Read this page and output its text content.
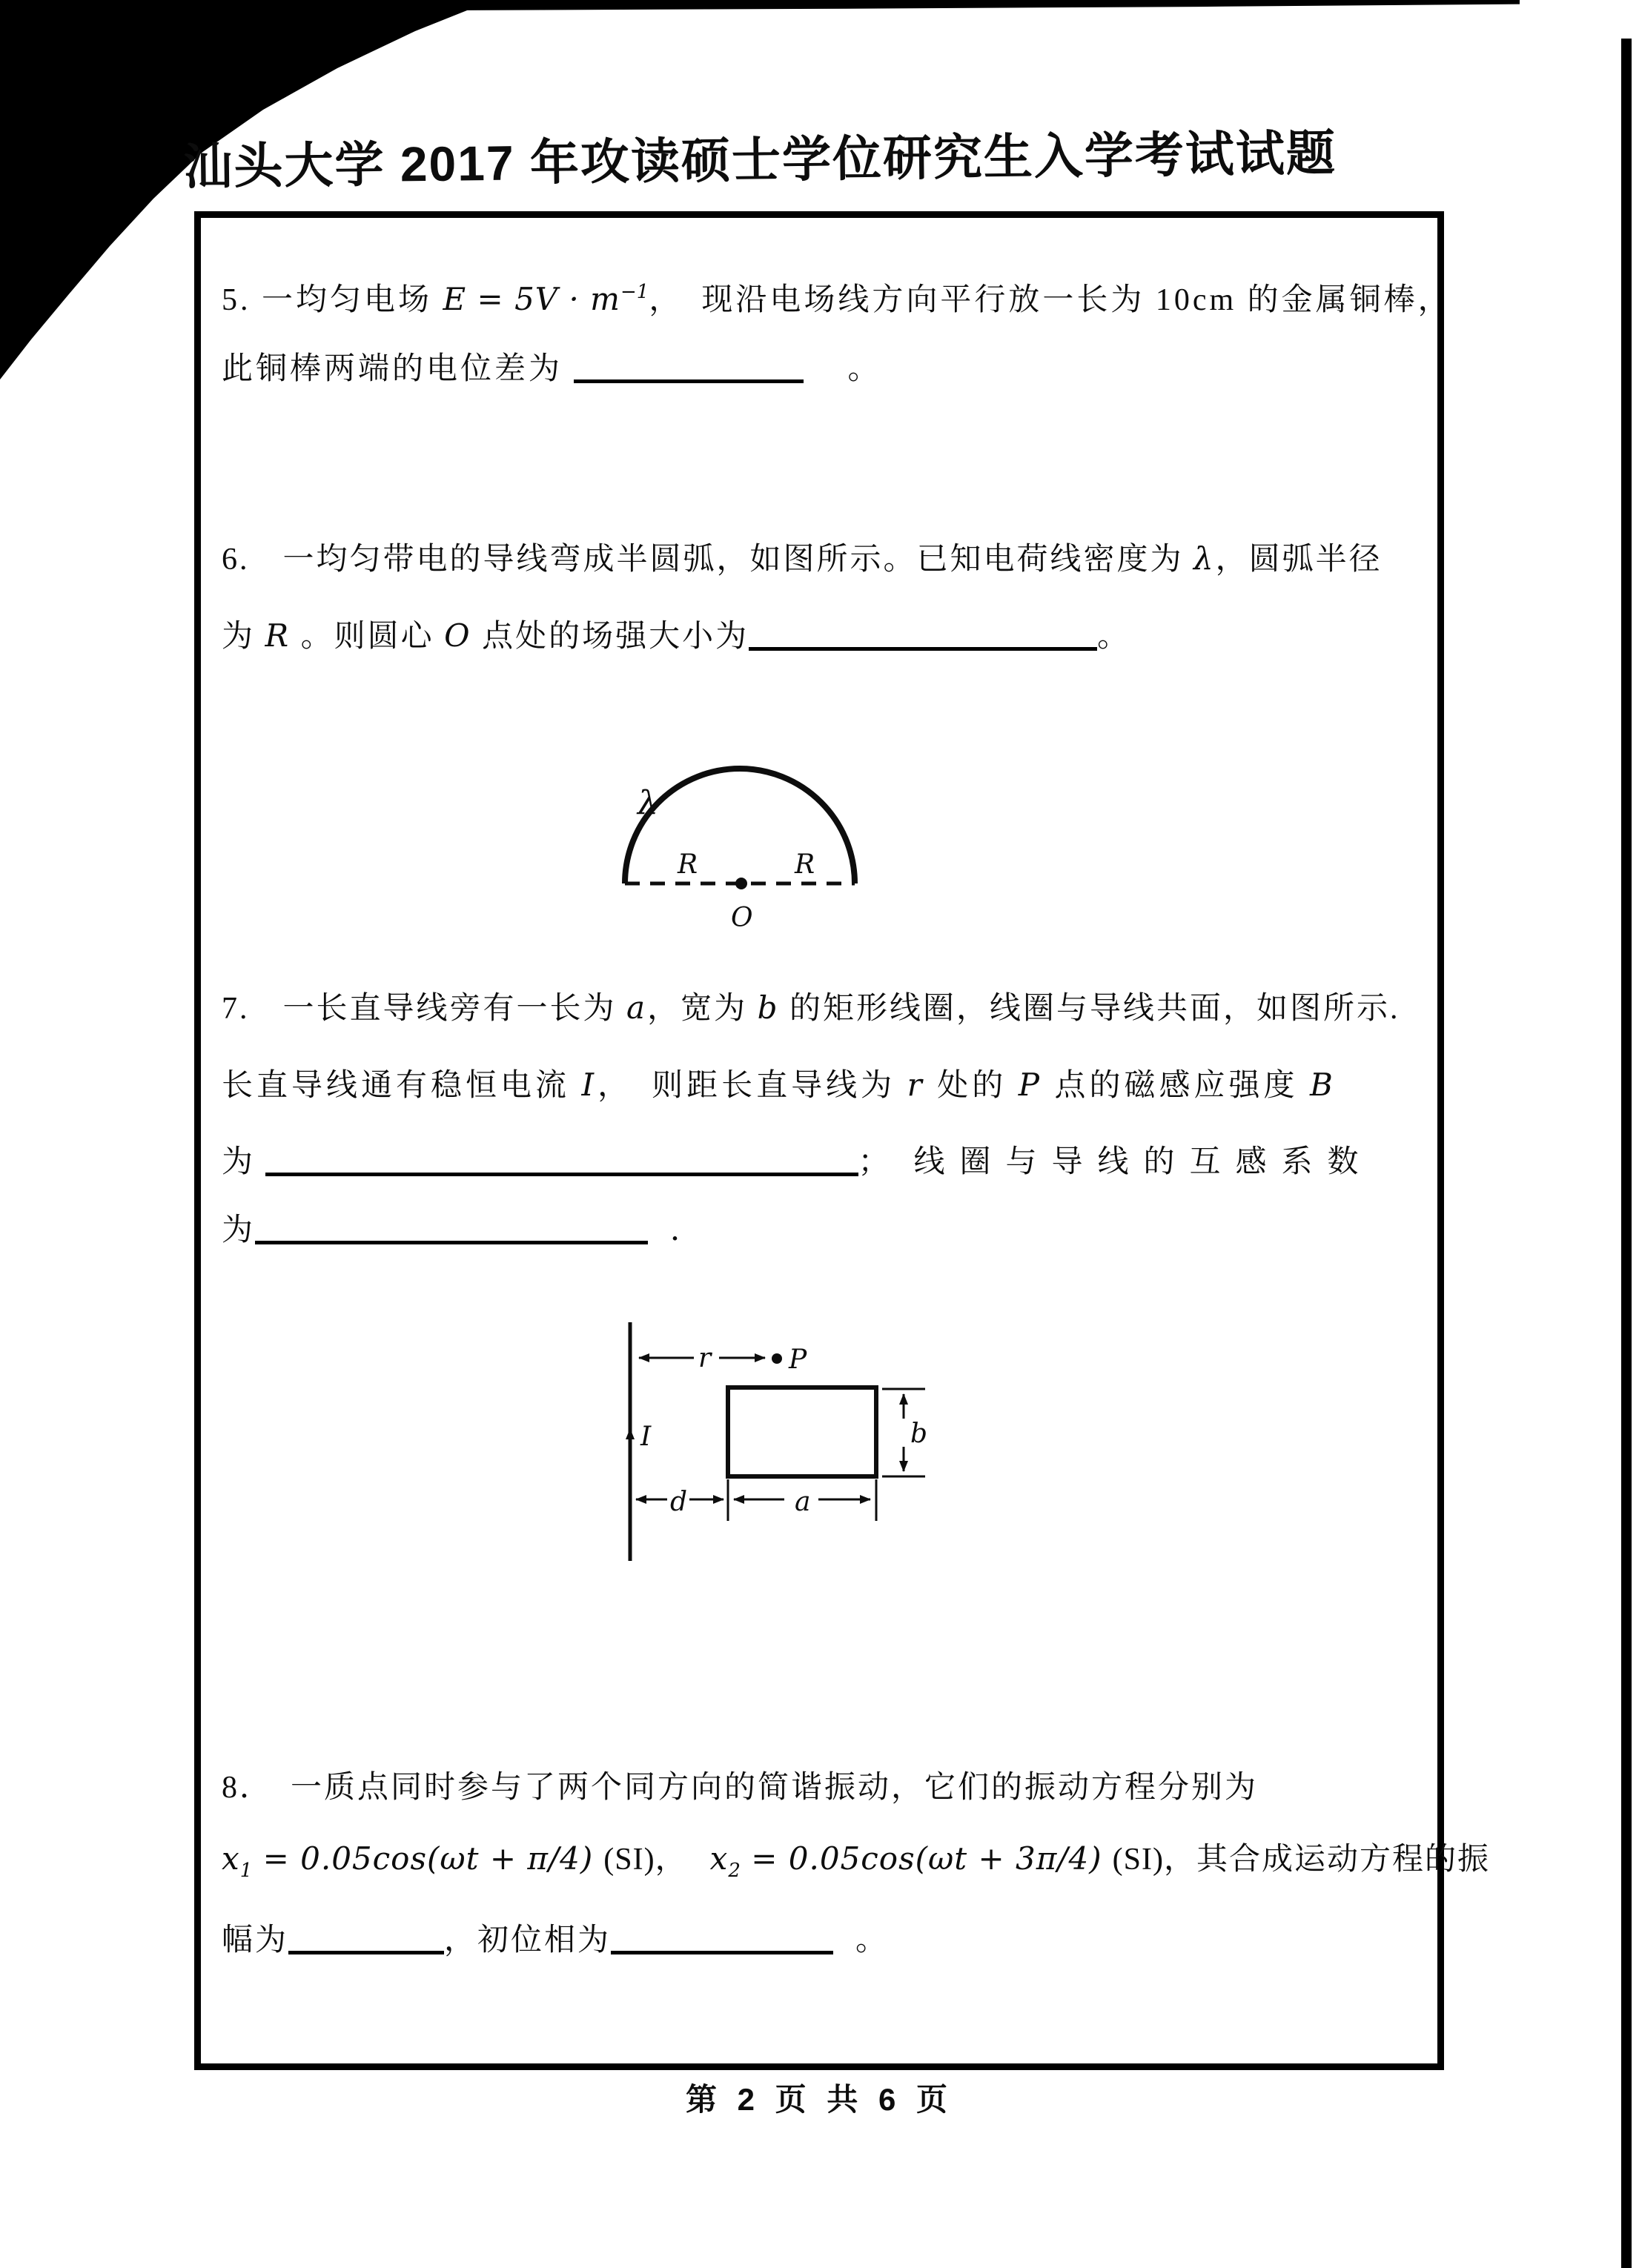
汕头大学 2017 年攻读硕士学位研究生入学考试试题
5. 一均匀电场 $E = 5V \cdot m^{-1}$，　现沿电场线方向平行放一长为 10cm 的金属铜棒，
此铜棒两端的电位差为	。
6.　一均匀带电的导线弯成半圆弧，如图所示。已知电荷线密度为 λ，圆弧半径
为 R 。则圆心 O 点处的场强大小为	。
λ
R	R
O
7.　一长直导线旁有一长为 a，宽为 b 的矩形线圈，线圈与导线共面，如图所示.
长直导线通有稳恒电流 I，　则距长直导线为 r 处的 P 点的磁感应强度 B
为	； 线圈与导线的互感系数
为	．
I
r	P
b
d	a
8．　一质点同时参与了两个同方向的简谐振动，它们的振动方程分别为
$x_1 = 0.05\cos(\omega t + \pi/4)$ (SI)， $x_2 = 0.05\cos(\omega t + 3\pi/4)$ (SI)，其合成运动方程的振
幅为	，初位相为	。
第 2 页 共 6 页
